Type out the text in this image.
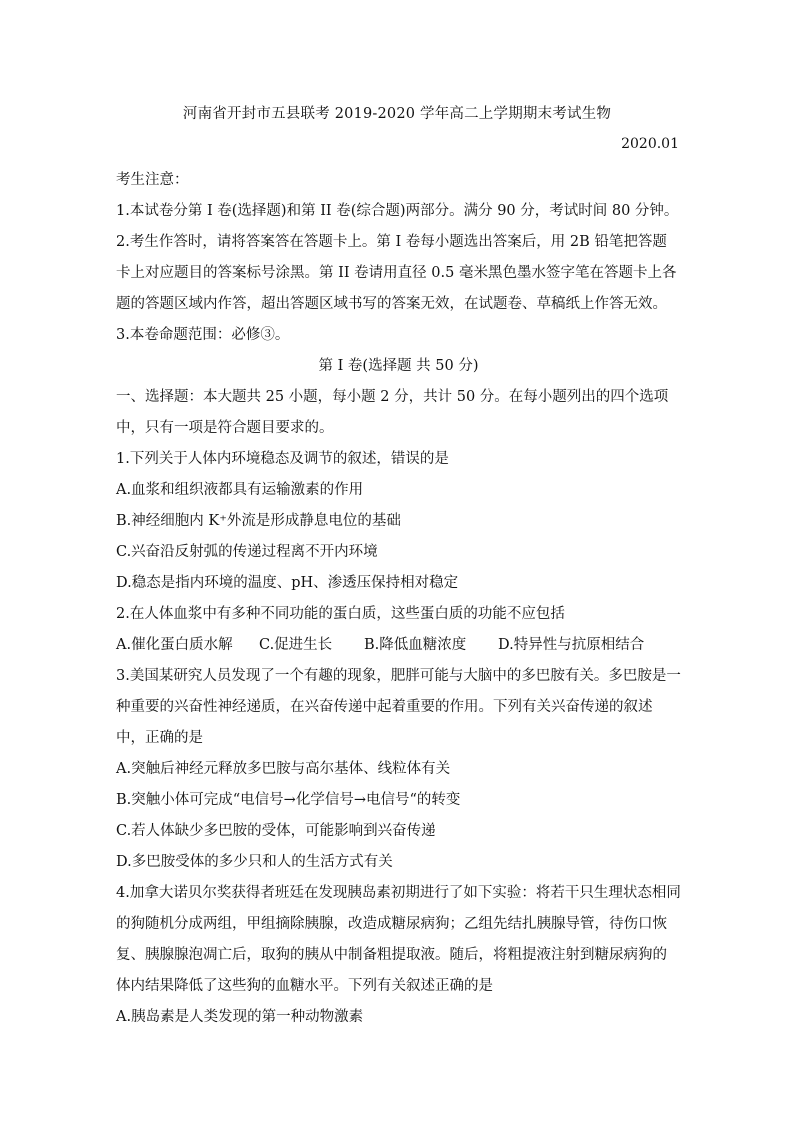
河南省开封市五县联考 2019-2020 学年高二上学期期末考试生物
2020.01

考生注意：

1.本试卷分第 I 卷(选择题)和第 II 卷(综合题)两部分。满分 90 分，考试时间 80 分钟。

2.考生作答时，请将答案答在答题卡上。第 I 卷每小题选出答案后，用 2B 铅笔把答题卡上对应题目的答案标号涂黑。第 II 卷请用直径 0.5 毫米黑色墨水签字笔在答题卡上各题的答题区域内作答，超出答题区域书写的答案无效，在试题卷、草稿纸上作答无效。

3.本卷命题范围：必修③。

第 I 卷(选择题 共 50 分)

一、选择题：本大题共 25 小题，每小题 2 分，共计 50 分。在每小题列出的四个选项中，只有一项是符合题目要求的。

1.下列关于人体内环境稳态及调节的叙述，错误的是

A.血浆和组织液都具有运输激素的作用

B.神经细胞内 K⁺外流是形成静息电位的基础

C.兴奋沿反射弧的传递过程离不开内环境

D.稳态是指内环境的温度、pH、渗透压保持相对稳定

2.在人体血浆中有多种不同功能的蛋白质，这些蛋白质的功能不应包括

A.催化蛋白质水解	C.促进生长	B.降低血糖浓度	D.特异性与抗原相结合

3.美国某研究人员发现了一个有趣的现象，肥胖可能与大脑中的多巴胺有关。多巴胺是一种重要的兴奋性神经递质，在兴奋传递中起着重要的作用。下列有关兴奋传递的叙述中，正确的是

A.突触后神经元释放多巴胺与高尔基体、线粒体有关

B.突触小体可完成“电信号→化学信号→电信号“的转变

C.若人体缺少多巴胺的受体，可能影响到兴奋传递

D.多巴胺受体的多少只和人的生活方式有关

4.加拿大诺贝尔奖获得者班廷在发现胰岛素初期进行了如下实验：将若干只生理状态相同的狗随机分成两组，甲组摘除胰腺，改造成糖尿病狗；乙组先结扎胰腺导管，待伤口恢复、胰腺腺泡凋亡后，取狗的胰从中制备粗提取液。随后，将粗提液注射到糖尿病狗的体内结果降低了这些狗的血糖水平。下列有关叙述正确的是

A.胰岛素是人类发现的第一种动物激素
